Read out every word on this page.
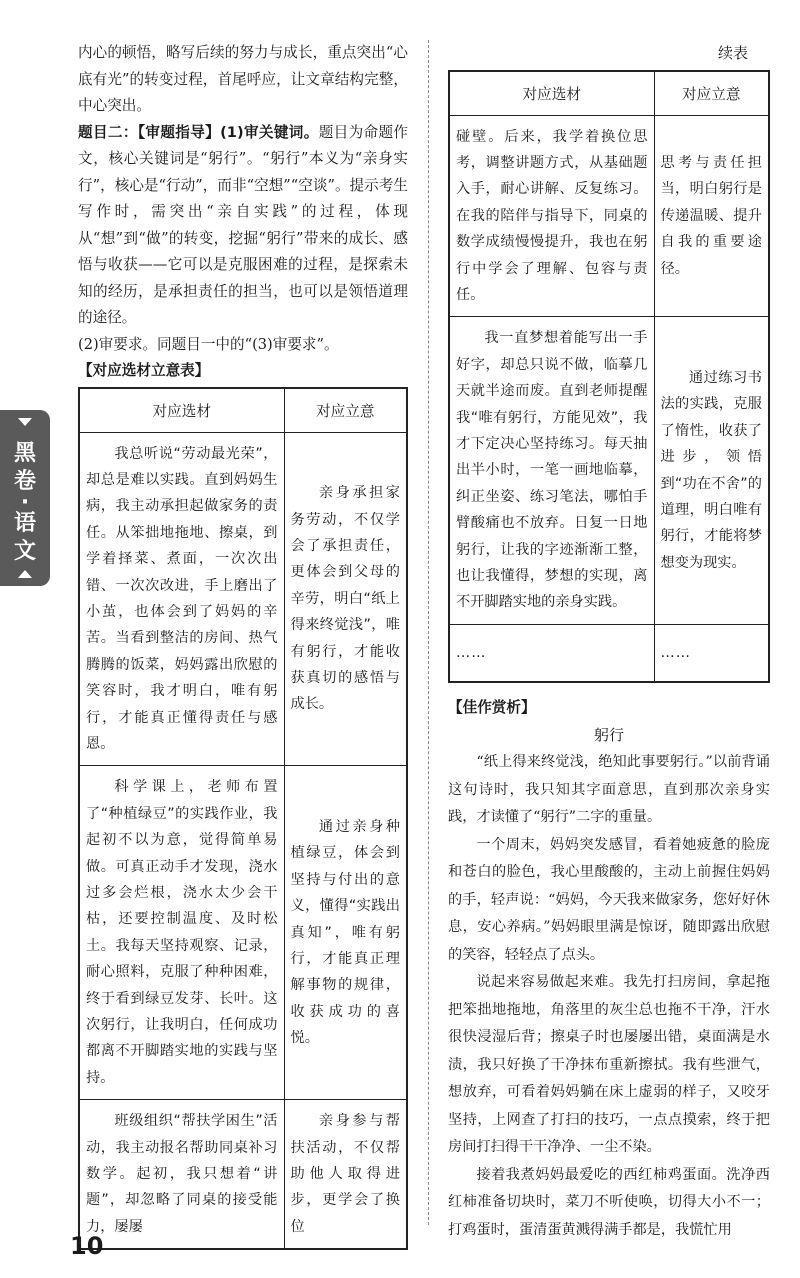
黑
卷
·
语
文

内心的顿悟，略写后续的努力与成长，重点突出“心底有光”的转变过程，首尾呼应，让文章结构完整，中心突出。

题目二：【审题指导】(1)审关键词。题目为命题作文，核心关键词是“躬行”。“躬行”本义为“亲身实行”，核心是“行动”，而非“空想”“空谈”。提示考生写作时，需突出“亲自实践”的过程，体现从“想”到“做”的转变，挖掘“躬行”带来的成长、感悟与收获——它可以是克服困难的过程，是探索未知的经历，是承担责任的担当，也可以是领悟道理的途径。

(2)审要求。同题目一中的“(3)审要求”。

【对应选材立意表】
对应选材	对应立意

我总听说“劳动最光荣”，却总是难以实践。直到妈妈生病，我主动承担起做家务的责任。从笨拙地拖地、擦桌，到学着择菜、煮面，一次次出错、一次次改进，手上磨出了小茧，也体会到了妈妈的辛苦。当看到整洁的房间、热气腾腾的饭菜，妈妈露出欣慰的笑容时，我才明白，唯有躬行，才能真正懂得责任与感恩。	亲身承担家务劳动，不仅学会了承担责任，更体会到父母的辛劳，明白“纸上得来终觉浅”，唯有躬行，才能收获真切的感悟与成长。

科学课上，老师布置了“种植绿豆”的实践作业，我起初不以为意，觉得简单易做。可真正动手才发现，浇水过多会烂根，浇水太少会干枯，还要控制温度、及时松土。我每天坚持观察、记录，耐心照料，克服了种种困难，终于看到绿豆发芽、长叶。这次躬行，让我明白，任何成功都离不开脚踏实地的实践与坚持。	通过亲身种植绿豆，体会到坚持与付出的意义，懂得“实践出真知”，唯有躬行，才能真正理解事物的规律，收获成功的喜悦。

班级组织“帮扶学困生”活动，我主动报名帮助同桌补习数学。起初，我只想着“讲题”，却忽略了同桌的接受能力，屡屡	亲身参与帮扶活动，不仅帮助他人取得进步，更学会了换位
续表
对应选材	对应立意
碰壁。后来，我学着换位思考，调整讲题方式，从基础题入手，耐心讲解、反复练习。在我的陪伴与指导下，同桌的数学成绩慢慢提升，我也在躬行中学会了理解、包容与责任。	思考与责任担当，明白躬行是传递温暖、提升自我的重要途径。

我一直梦想着能写出一手好字，却总只说不做，临摹几天就半途而废。直到老师提醒我“唯有躬行，方能见效”，我才下定决心坚持练习。每天抽出半小时，一笔一画地临摹，纠正坐姿、练习笔法，哪怕手臂酸痛也不放弃。日复一日地躬行，让我的字迹渐渐工整，也让我懂得，梦想的实现，离不开脚踏实地的亲身实践。	通过练习书法的实践，克服了惰性，收获了进步，领悟到“功在不舍”的道理，明白唯有躬行，才能将梦想变为现实。

……	……
【佳作赏析】
躬行

“纸上得来终觉浅，绝知此事要躬行。”以前背诵这句诗时，我只知其字面意思，直到那次亲身实践，才读懂了“躬行”二字的重量。

一个周末，妈妈突发感冒，看着她疲惫的脸庞和苍白的脸色，我心里酸酸的，主动上前握住妈妈的手，轻声说：“妈妈，今天我来做家务，您好好休息，安心养病。”妈妈眼里满是惊讶，随即露出欣慰的笑容，轻轻点了点头。

说起来容易做起来难。我先打扫房间，拿起拖把笨拙地拖地，角落里的灰尘总也拖不干净，汗水很快浸湿后背；擦桌子时也屡屡出错，桌面满是水渍，我只好换了干净抹布重新擦拭。我有些泄气，想放弃，可看着妈妈躺在床上虚弱的样子，又咬牙坚持，上网查了打扫的技巧，一点点摸索，终于把房间打扫得干干净净、一尘不染。

接着我煮妈妈最爱吃的西红柿鸡蛋面。洗净西红柿准备切块时，菜刀不听使唤，切得大小不一；打鸡蛋时，蛋清蛋黄溅得满手都是，我慌忙用

10
